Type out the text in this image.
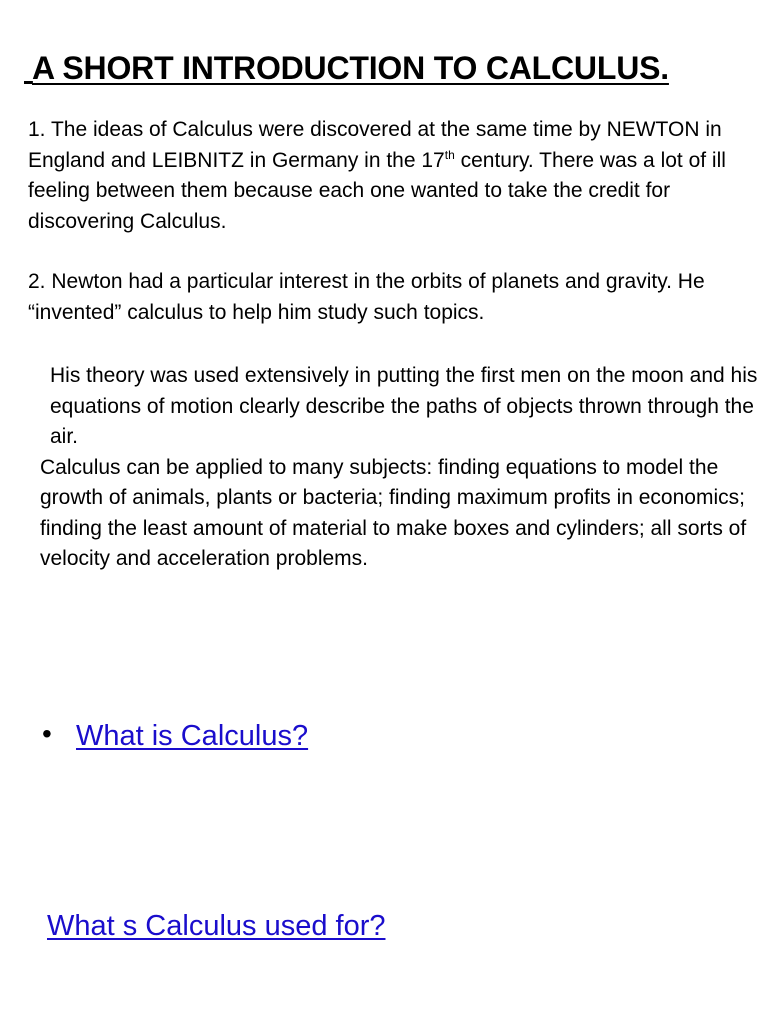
A SHORT INTRODUCTION TO CALCULUS.

1. The ideas of Calculus were discovered at the same time by NEWTON in England and LEIBNITZ in Germany in the 17th century. There was a lot of ill feeling between them because each one wanted to take the credit for discovering Calculus.

2. Newton had a particular interest in the orbits of planets and gravity. He “invented” calculus to help him study such topics.

His theory was used extensively in putting the first men on the moon and his equations of motion clearly describe the paths of objects thrown through the air.

Calculus can be applied to many subjects: finding equations to model the growth of animals, plants or bacteria; finding maximum profits in economics; finding the least amount of material to make boxes and cylinders; all sorts of velocity and acceleration problems.

• What is Calculus?
What s Calculus used for?
